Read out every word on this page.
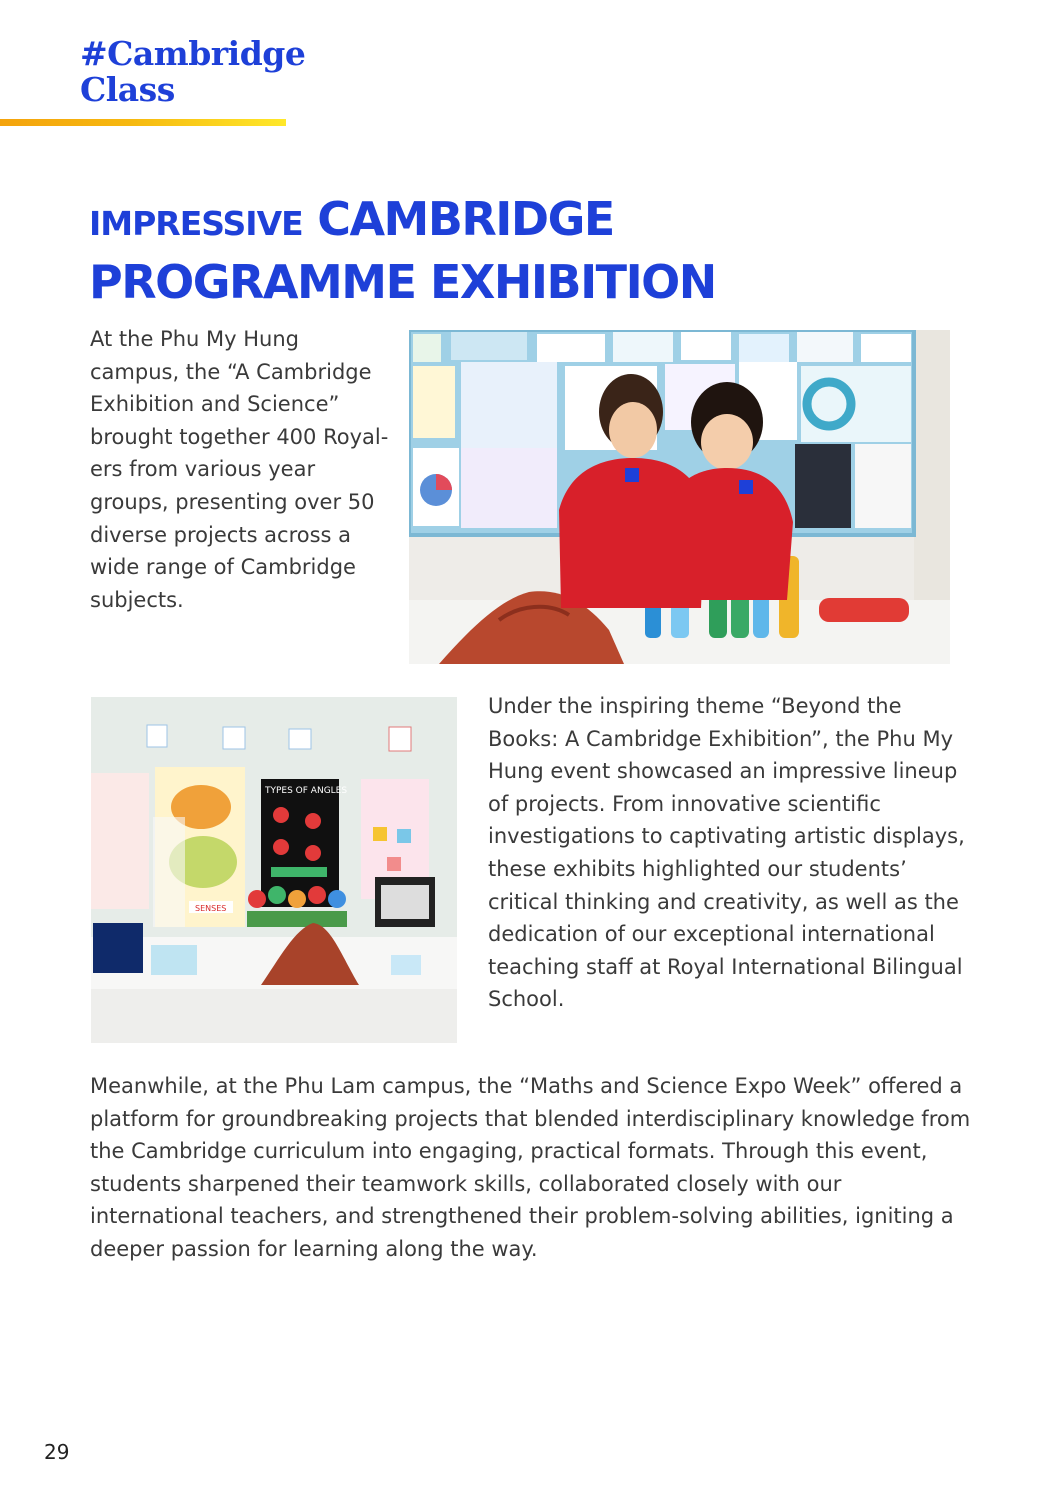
#Cambridge
Class
IMPRESSIVE CAMBRIDGE
PROGRAMME EXHIBITION

At the Phu My Hung campus, the “A Cambridge Exhibition and Science” brought together 400 Royal-ers from various year groups, presenting over 50 diverse projects across a wide range of Cambridge subjects.

TYPES OF ANGLES
SENSES

Under the inspiring theme “Beyond the Books: A Cambridge Exhibition”, the Phu My Hung event showcased an impressive lineup of projects. From innovative scientific investigations to captivating artistic displays, these exhibits highlighted our students’ critical thinking and creativity, as well as the dedication of our exceptional international teaching staff at Royal International Bilingual School.

Meanwhile, at the Phu Lam campus, the “Maths and Science Expo Week” offered a platform for groundbreaking projects that blended interdisciplinary knowledge from the Cambridge curriculum into engaging, practical formats. Through this event, students sharpened their teamwork skills, collaborated closely with our international teachers, and strengthened their problem-solving abilities, igniting a deeper passion for learning along the way.

29
